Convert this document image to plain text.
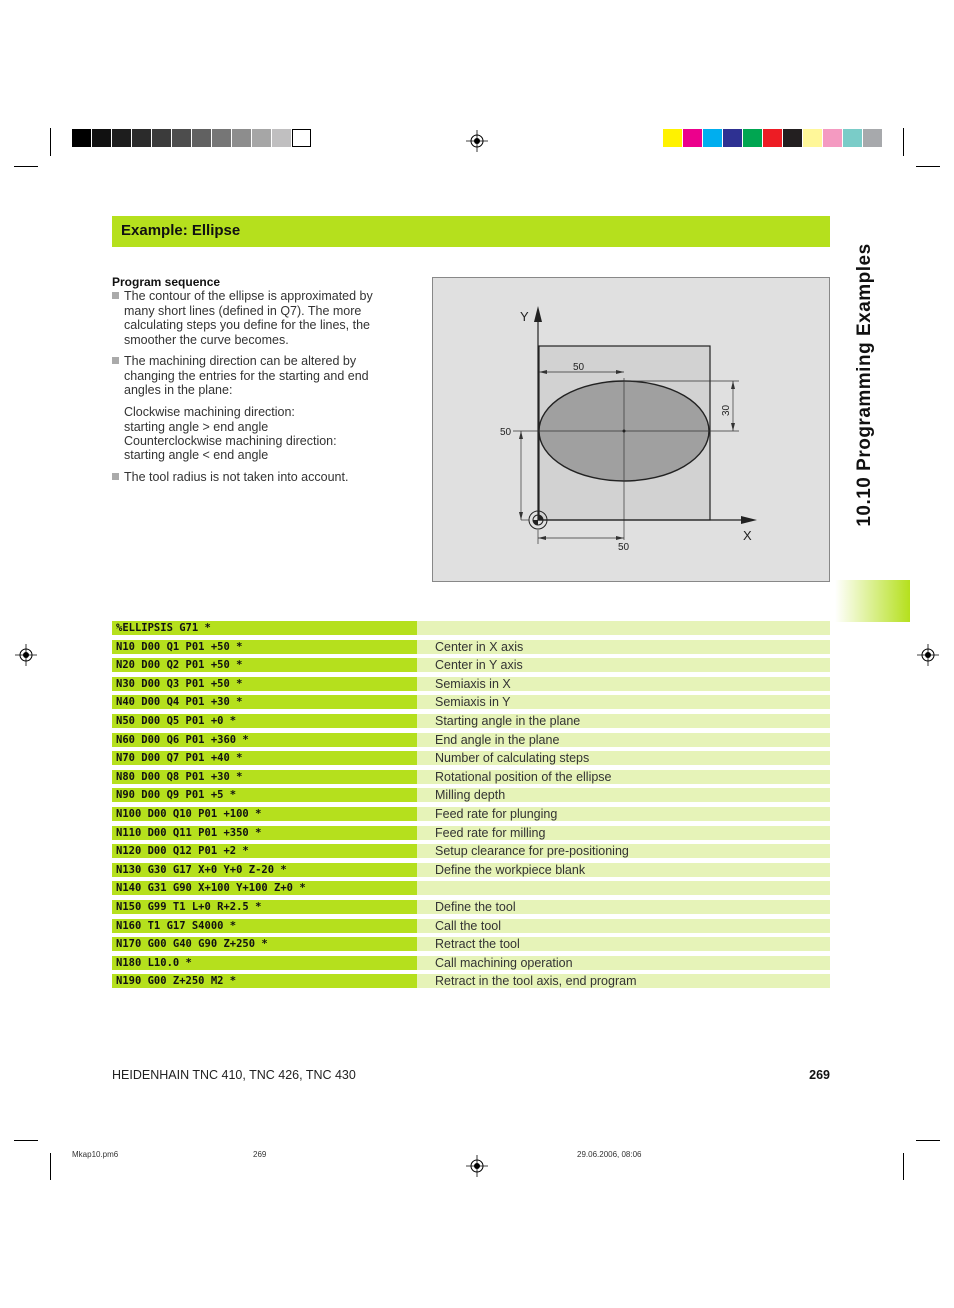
Example: Ellipse
10.10 Programming Examples
Program sequence
The contour of the ellipse is approximated by many short lines (defined in Q7). The more calculating steps you define for the lines, the smoother the curve becomes.
The machining direction can be altered by changing the entries for the starting and end angles in the plane:
Clockwise machining direction:
starting angle > end angle
Counterclockwise machining direction:
starting angle < end angle
The tool radius is not taken into account.
Y
X
50
50
50
30
%ELLIPSIS G71 *
N10 D00 Q1 P01 +50 *	Center in X axis
N20 D00 Q2 P01 +50 *	Center in Y axis
N30 D00 Q3 P01 +50 *	Semiaxis in X
N40 D00 Q4 P01 +30 *	Semiaxis in Y
N50 D00 Q5 P01 +0 *	Starting angle in the plane
N60 D00 Q6 P01 +360 *	End angle in the plane
N70 D00 Q7 P01 +40 *	Number of calculating steps
N80 D00 Q8 P01 +30 *	Rotational position of the ellipse
N90 D00 Q9 P01 +5 *	Milling depth
N100 D00 Q10 P01 +100 *	Feed rate for plunging
N110 D00 Q11 P01 +350 *	Feed rate for milling
N120 D00 Q12 P01 +2 *	Setup clearance for pre-positioning
N130 G30 G17 X+0 Y+0 Z-20 *	Define the workpiece blank
N140 G31 G90 X+100 Y+100 Z+0 *
N150 G99 T1 L+0 R+2.5 *	Define the tool
N160 T1 G17 S4000 *	Call the tool
N170 G00 G40 G90 Z+250 *	Retract the tool
N180 L10.0 *	Call machining operation
N190 G00 Z+250 M2 *	Retract in the tool axis, end program
HEIDENHAIN TNC 410, TNC 426, TNC 430	269
Mkap10.pm6	269	29.06.2006, 08:06
